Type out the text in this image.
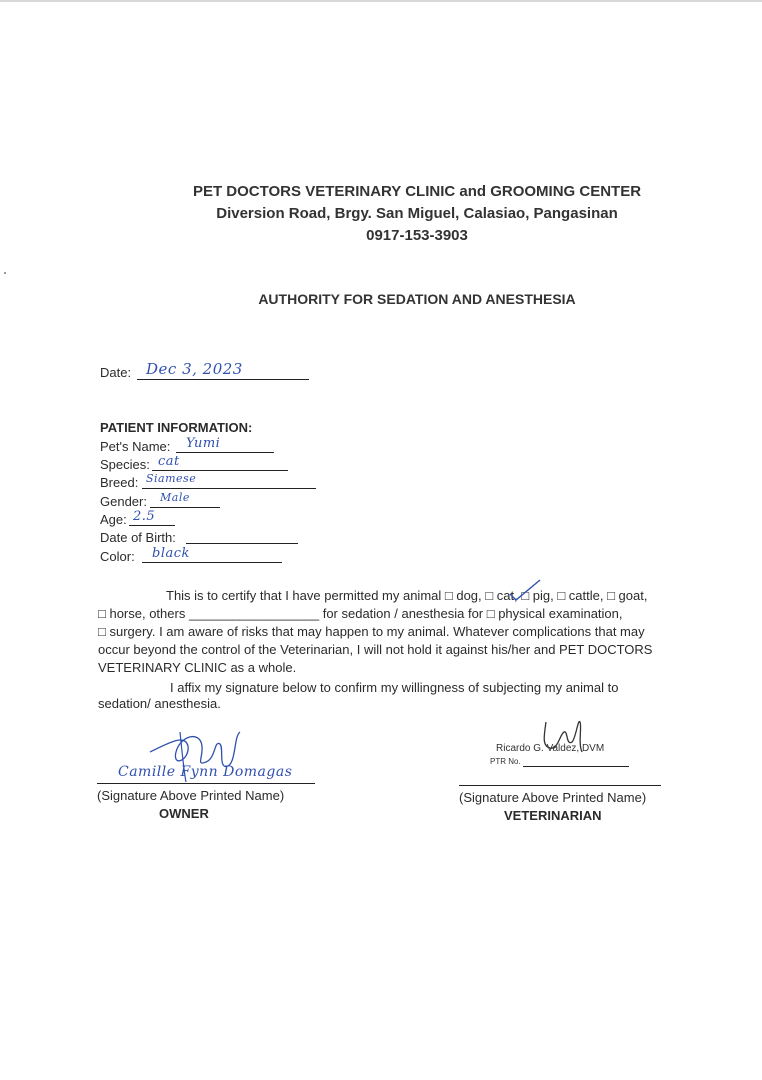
PET DOCTORS VETERINARY CLINIC and GROOMING CENTER
Diversion Road, Brgy. San Miguel, Calasiao, Pangasinan
0917-153-3903
AUTHORITY FOR SEDATION AND ANESTHESIA
Date: Dec 3, 2023
PATIENT INFORMATION:
Pet's Name: Yumi
Species: cat
Breed: Siamese
Gender: Male
Age: 2.5
Date of Birth:
Color: black
This is to certify that I have permitted my animal □ dog, □ cat, □ pig, □ cattle, □ goat,
□ horse, others __________________ for sedation / anesthesia for □ physical examination,
□ surgery. I am aware of risks that may happen to my animal. Whatever complications that may
occur beyond the control of the Veterinarian, I will not hold it against his/her and PET DOCTORS
VETERINARY CLINIC as a whole.
I affix my signature below to confirm my willingness of subjecting my animal to
sedation/ anesthesia.
Camille Fynn Domagas
(Signature Above Printed Name)
OWNER
Ricardo G. Valdez, DVM
PTR No.
(Signature Above Printed Name)
VETERINARIAN
